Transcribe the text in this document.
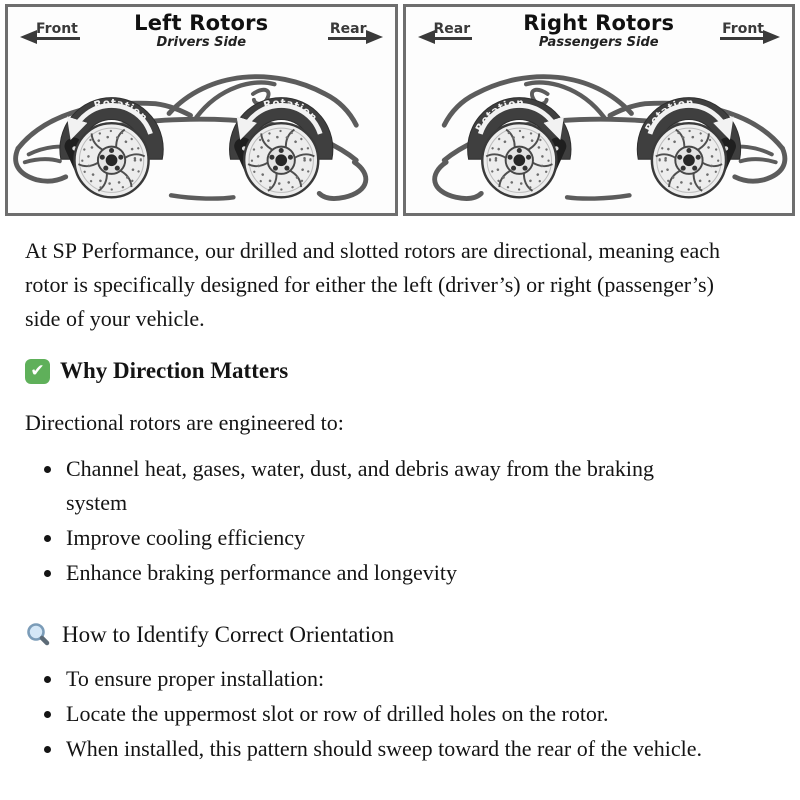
Front	Left Rotors
Drivers Side
Rear	Rear	Right Rotors
Passengers Side
Front

At SP Performance, our drilled and slotted rotors are directional, meaning each rotor is specifically designed for either the left (driver’s) or right (passenger’s) side of your vehicle.

✔ Why Direction Matters

Directional rotors are engineered to:

• Channel heat, gases, water, dust, and debris away from the braking system
• Improve cooling efficiency
• Enhance braking performance and longevity
How to Identify Correct Orientation
• To ensure proper installation:
• Locate the uppermost slot or row of drilled holes on the rotor.
• When installed, this pattern should sweep toward the rear of the vehicle.
